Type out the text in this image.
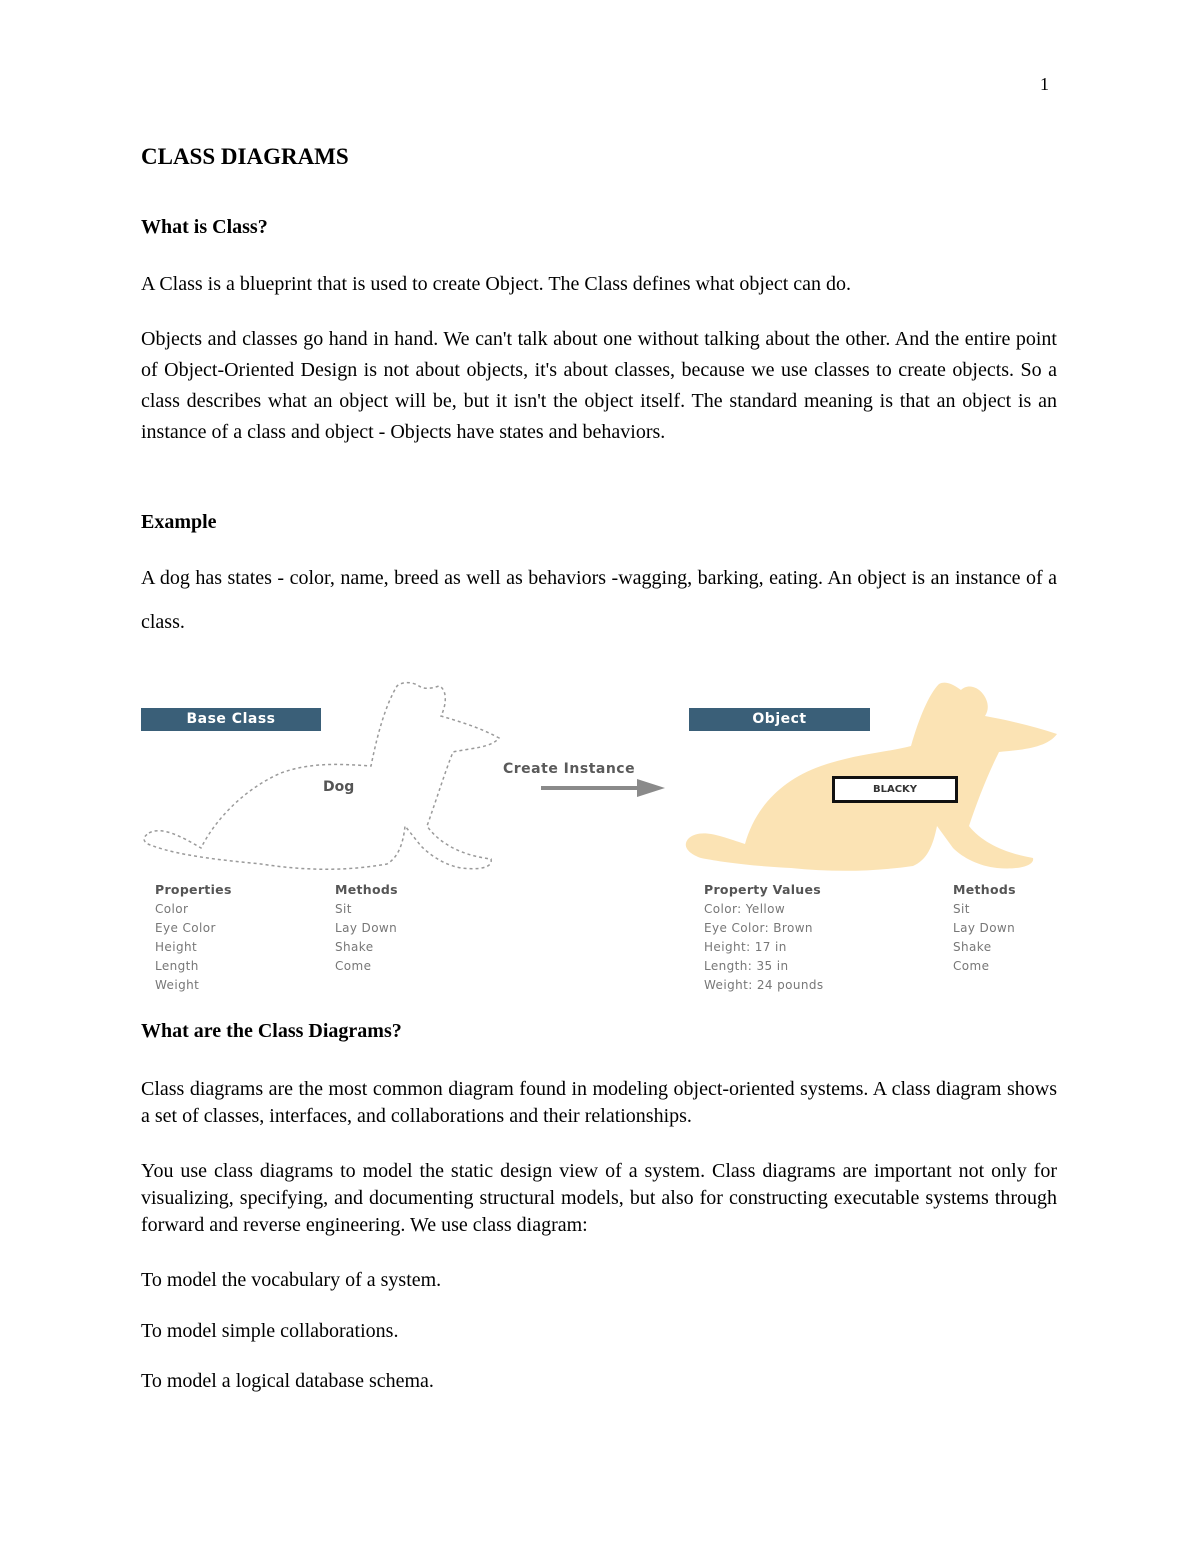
1
CLASS DIAGRAMS
What is Class?

A Class is a blueprint that is used to create Object. The Class defines what object can do.

Objects and classes go hand in hand. We can't talk about one without talking about the other. And the entire point of Object-Oriented Design is not about objects, it's about classes, because we use classes to create objects. So a class describes what an object will be, but it isn't the object itself. The standard meaning is that an object is an instance of a class and object - Objects have states and behaviors.

Example

A dog has states - color, name, breed as well as behaviors -wagging, barking, eating. An object is an instance of a class.

Base Class	Object
Dog
Create Instance
BLACKY
Properties
Color
Eye Color
Height
Length
Weight
Methods
Sit
Lay Down
Shake
Come
Property Values
Color: Yellow
Eye Color: Brown
Height: 17 in
Length: 35 in
Weight: 24 pounds
Methods
Sit
Lay Down
Shake
Come
What are the Class Diagrams?

Class diagrams are the most common diagram found in modeling object-oriented systems. A class diagram shows a set of classes, interfaces, and collaborations and their relationships.

You use class diagrams to model the static design view of a system. Class diagrams are important not only for visualizing, specifying, and documenting structural models, but also for constructing executable systems through forward and reverse engineering. We use class diagram:

To model the vocabulary of a system.

To model simple collaborations.

To model a logical database schema.
